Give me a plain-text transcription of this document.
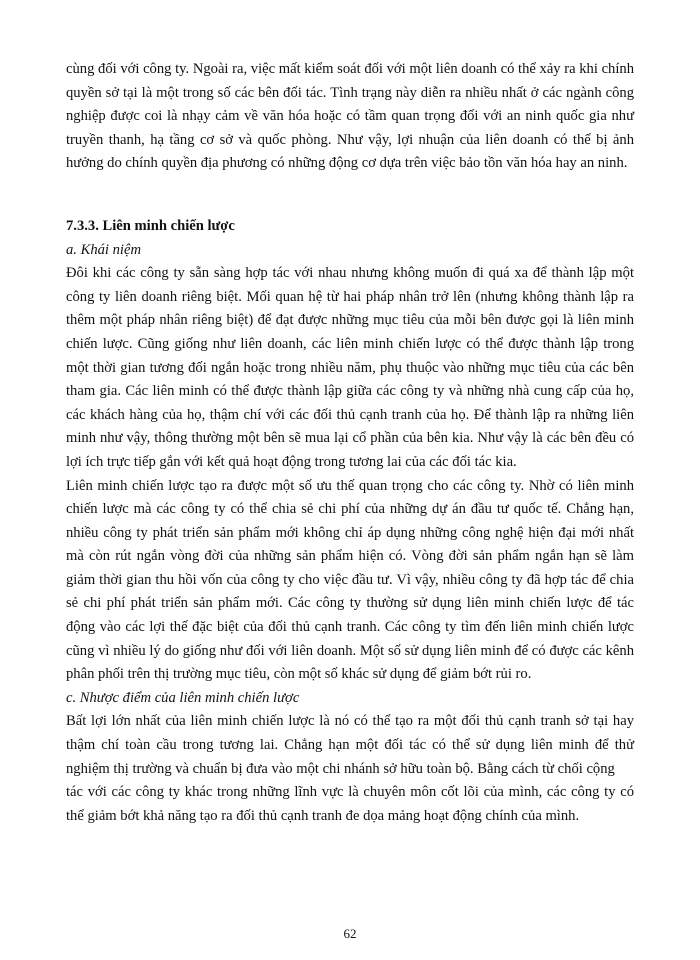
cùng đối với công ty. Ngoài ra, việc mất kiểm soát đối với một liên doanh có thể xảy ra khi chính quyền sở tại là một trong số các bên đối tác. Tình trạng này diễn ra nhiều nhất ở các ngành công nghiệp được coi là nhạy cảm về văn hóa hoặc có tầm quan trọng đối với an ninh quốc gia như truyền thanh, hạ tầng cơ sở và quốc phòng. Như vậy, lợi nhuận của liên doanh có thể bị ảnh hưởng do chính quyền địa phương có những động cơ dựa trên việc bảo tồn văn hóa hay an ninh.

7.3.3. Liên minh chiến lược

a. Khái niệm

Đôi khi các công ty sẵn sàng hợp tác với nhau nhưng không muốn đi quá xa để thành lập một công ty liên doanh riêng biệt. Mối quan hệ từ hai pháp nhân trở lên (nhưng không thành lập ra thêm một pháp nhân riêng biệt) để đạt được những mục tiêu của mỗi bên được gọi là liên minh chiến lược. Cũng giống như liên doanh, các liên minh chiến lược có thể được thành lập trong một thời gian tương đối ngắn hoặc trong nhiều năm, phụ thuộc vào những mục tiêu của các bên tham gia. Các liên minh có thể được thành lập giữa các công ty và những nhà cung cấp của họ, các khách hàng của họ, thậm chí với các đối thủ cạnh tranh của họ. Để thành lập ra những liên minh như vậy, thông thường một bên sẽ mua lại cổ phần của bên kia. Như vậy là các bên đều có lợi ích trực tiếp gắn với kết quả hoạt động trong tương lai của các đối tác kia.

Liên minh chiến lược tạo ra được một số ưu thế quan trọng cho các công ty. Nhờ có liên minh chiến lược mà các công ty có thể chia sẻ chi phí của những dự án đầu tư quốc tế. Chẳng hạn, nhiều công ty phát triển sản phẩm mới không chỉ áp dụng những công nghệ hiện đại mới nhất mà còn rút ngắn vòng đời của những sản phẩm hiện có. Vòng đời sản phẩm ngắn hạn sẽ làm giảm thời gian thu hồi vốn của công ty cho việc đầu tư. Vì vậy, nhiều công ty đã hợp tác để chia sẻ chi phí phát triển sản phẩm mới. Các công ty thường sử dụng liên minh chiến lược để tác động vào các lợi thế đặc biệt của đối thủ cạnh tranh. Các công ty tìm đến liên minh chiến lược cũng vì nhiều lý do giống như đối với liên doanh. Một số sử dụng liên minh để có được các kênh phân phối trên thị trường mục tiêu, còn một số khác sử dụng để giảm bớt rủi ro.

c. Nhược điểm của liên minh chiến lược

Bất lợi lớn nhất của liên minh chiến lược là nó có thể tạo ra một đối thủ cạnh tranh sở tại hay thậm chí toàn cầu trong tương lai. Chẳng hạn một đối tác có thể sử dụng liên minh để thử nghiệm thị trường và chuẩn bị đưa vào một chi nhánh sở hữu toàn bộ. Bằng cách từ chối cộng

tác với các công ty khác trong những lĩnh vực là chuyên môn cốt lõi của mình, các công ty có thể giảm bớt khả năng tạo ra đối thủ cạnh tranh đe dọa mảng hoạt động chính của mình.

62
